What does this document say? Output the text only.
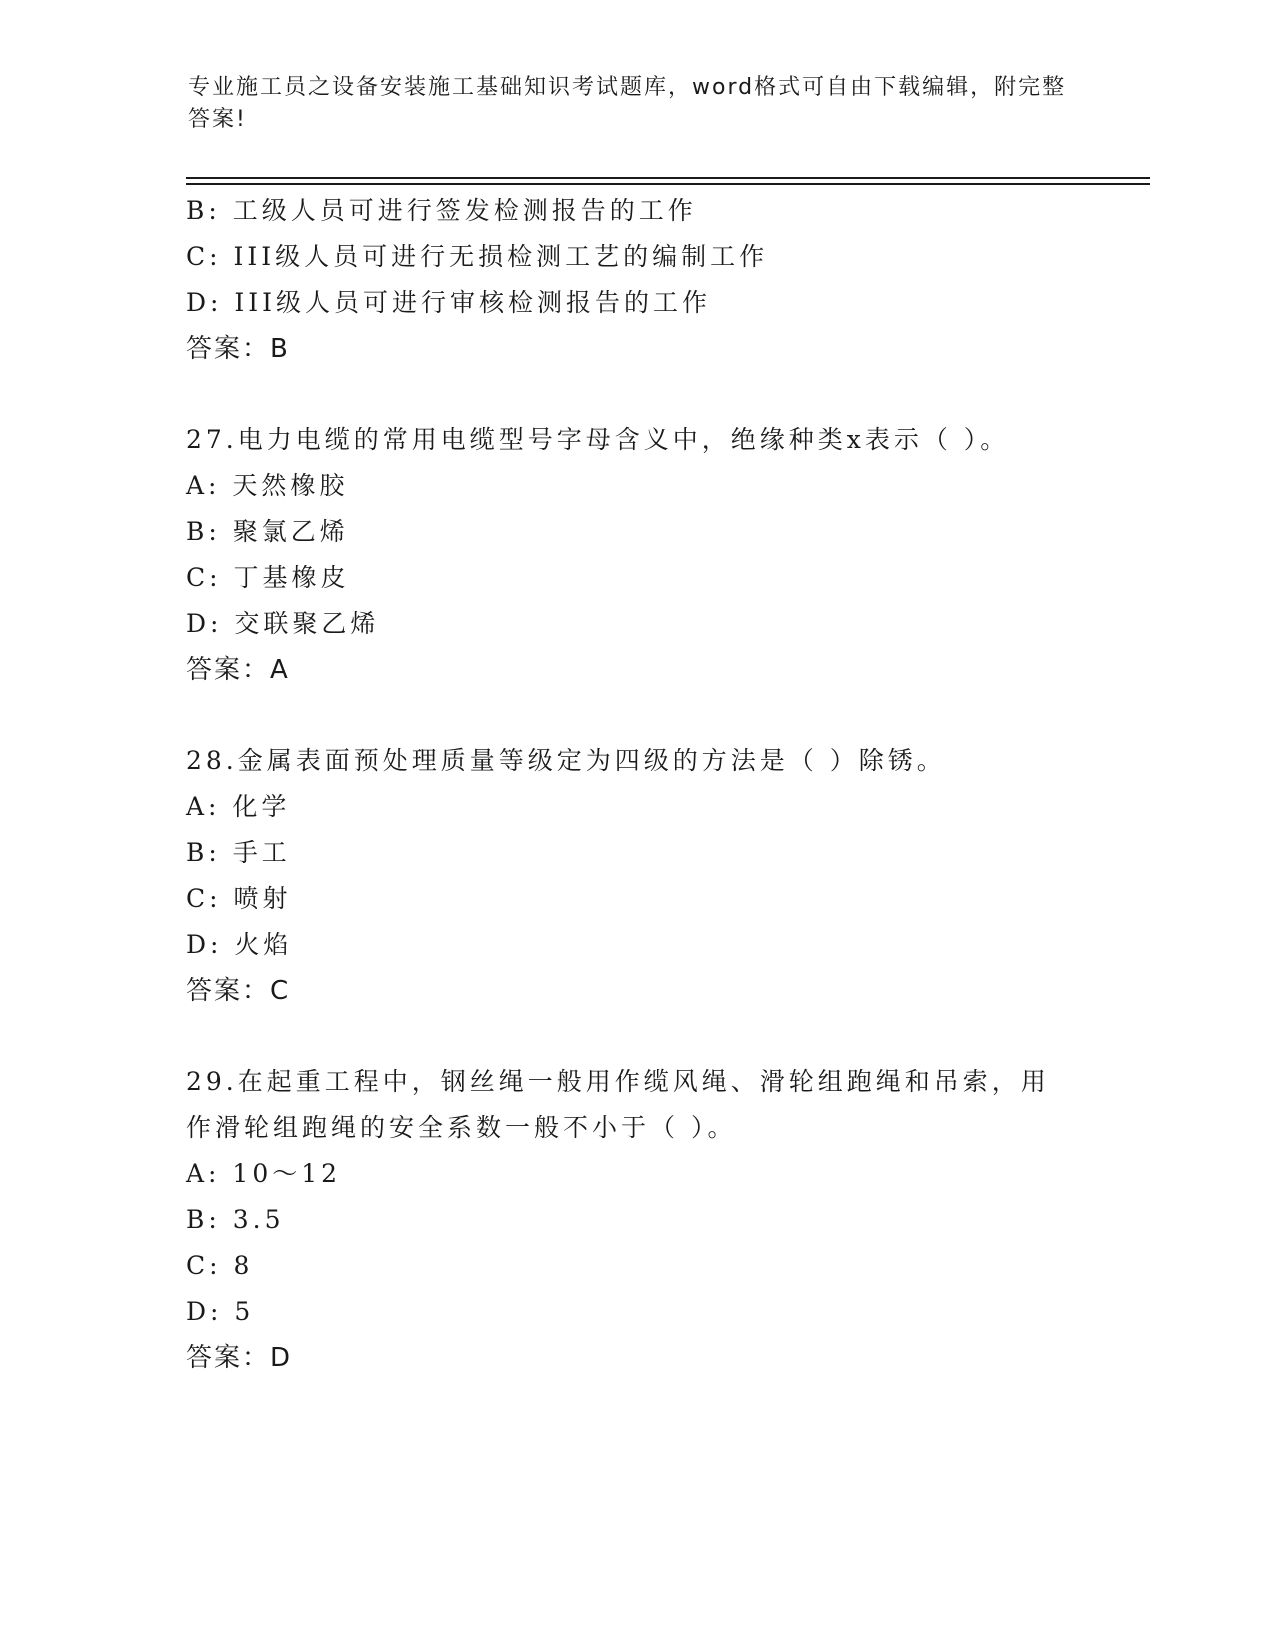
专业施工员之设备安装施工基础知识考试题库，word格式可自由下载编辑，附完整答案!
B: 工级人员可进行签发检测报告的工作
C: III级人员可进行无损检测工艺的编制工作
D: III级人员可进行审核检测报告的工作
答案：B
27.电力电缆的常用电缆型号字母含义中，绝缘种类x表示（ ）。
A: 天然橡胶
B: 聚氯乙烯
C: 丁基橡皮
D: 交联聚乙烯
答案：A
28.金属表面预处理质量等级定为四级的方法是（ ）除锈。
A: 化学
B: 手工
C: 喷射
D: 火焰
答案：C
29.在起重工程中，钢丝绳一般用作缆风绳、滑轮组跑绳和吊索，用作滑轮组跑绳的安全系数一般不小于（ ）。
A: 10～12
B: 3.5
C: 8
D: 5
答案：D
